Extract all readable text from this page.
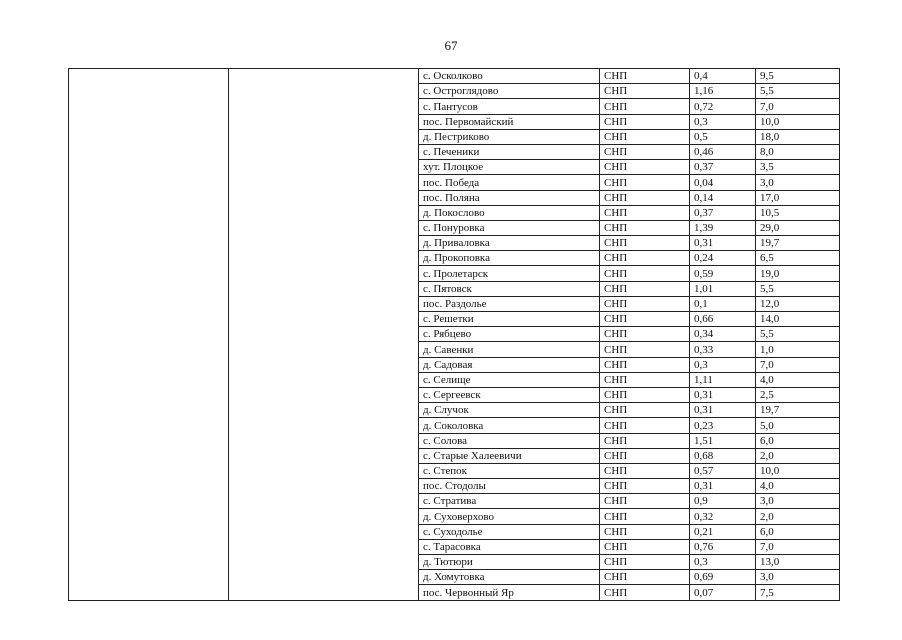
67
		с. Осколково	СНП	0,4	9,5
		с. Остроглядово	СНП	1,16	5,5
		с. Пантусов	СНП	0,72	7,0
		пос. Первомайский	СНП	0,3	10,0
		д. Пестриково	СНП	0,5	18,0
		с. Печеники	СНП	0,46	8,0
		хут. Плоцкое	СНП	0,37	3,5
		пос. Победа	СНП	0,04	3,0
		пос. Поляна	СНП	0,14	17,0
		д. Покослово	СНП	0,37	10,5
		с. Понуровка	СНП	1,39	29,0
		д. Приваловка	СНП	0,31	19,7
		д. Прокоповка	СНП	0,24	6,5
		с. Пролетарск	СНП	0,59	19,0
		с. Пятовск	СНП	1,01	5,5
		пос. Раздолье	СНП	0,1	12,0
		с. Решетки	СНП	0,66	14,0
		с. Рябцево	СНП	0,34	5,5
		д. Савенки	СНП	0,33	1,0
		д. Садовая	СНП	0,3	7,0
		с. Селище	СНП	1,11	4,0
		с. Сергеевск	СНП	0,31	2,5
		д. Случок	СНП	0,31	19,7
		д. Соколовка	СНП	0,23	5,0
		с. Солова	СНП	1,51	6,0
		с. Старые Халеевичи	СНП	0,68	2,0
		с. Степок	СНП	0,57	10,0
		пос. Стодолы	СНП	0,31	4,0
		с. Стратива	СНП	0,9	3,0
		д. Суховерхово	СНП	0,32	2,0
		с. Суходолье	СНП	0,21	6,0
		с. Тарасовка	СНП	0,76	7,0
		д. Тютюри	СНП	0,3	13,0
		д. Хомутовка	СНП	0,69	3,0
		пос. Червонный Яр	СНП	0,07	7,5
